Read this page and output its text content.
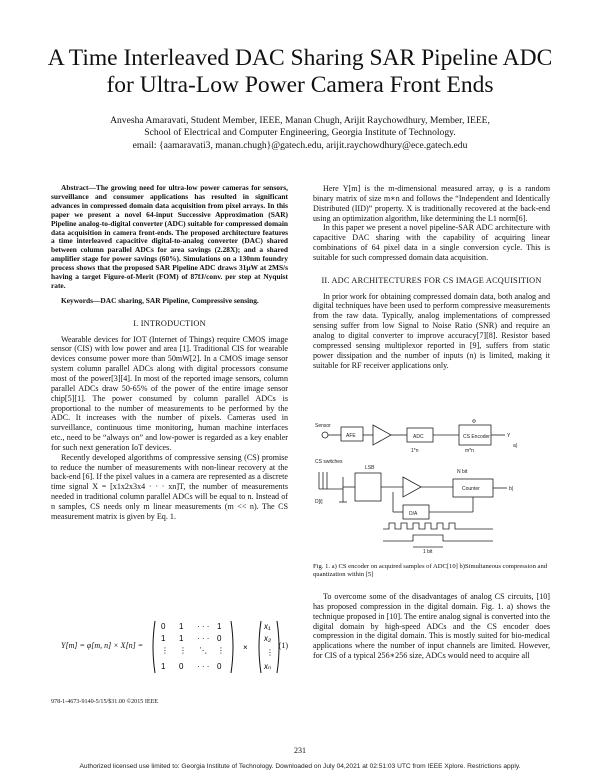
A Time Interleaved DAC Sharing SAR Pipeline ADC for Ultra-Low Power Camera Front Ends
Anvesha Amaravati, Student Member, IEEE, Manan Chugh, Arijit Raychowdhury, Member, IEEE,
School of Electrical and Computer Engineering, Georgia Institute of Technology.
email: {aamaravati3, manan.chugh}@gatech.edu, arijit.raychowdhury@ece.gatech.edu

Abstract—The growing need for ultra-low power cameras for sensors, surveillance and consumer applications has resulted in significant advances in compressed domain data acquisition from pixel arrays. In this paper we present a novel 64-input Successive Approximation (SAR) Pipeline analog-to-digital converter (ADC) suitable for compressed domain data acquisition in camera front-ends. The proposed architecture features a time interleaved capacitive digital-to-analog converter (DAC) shared between column parallel ADCs for area savings (2.28X); and a shared amplifier stage for power savings (60%). Simulations on a 130nm foundry process shows that the proposed SAR Pipeline ADC draws 31µW at 2MS/s having a target Figure-of-Merit (FOM) of 87fJ/conv. per step at Nyquist rate.

Keywords—DAC sharing, SAR Pipeline, Compressive sensing.

I. INTRODUCTION

Wearable devices for IOT (Internet of Things) require CMOS image sensor (CIS) with low power and area [1]. Traditional CIS for wearable devices consume power more than 50mW[2]. In a CMOS image sensor system column parallel ADCs along with digital processors consume most of the power[3][4]. In most of the reported image sensors, column parallel ADCs draw 50-65% of the power of the entire image sensor chip[5][1]. The power consumed by column parallel ADCs is proportional to the number of measurements to be performed by the ADC. It increases with the number of pixels. Cameras used in surveillance, continuous time monitoring, human machine interfaces etc., need to be “always on” and low-power is regarded as a key enabler for such next generation IoT devices.

Recently developed algorithms of compressive sensing (CS) promise to reduce the number of measurements with non-linear recovery at the back-end [6]. If the pixel values in a camera are represented as a discrete time signal X = [x1x2x3x4 · · · xn]T, the number of measurements needed in traditional column parallel ADCs will be equal to n. Instead of n samples, CS needs only m linear measurements (m << n). The CS measurement matrix is given by Eq. 1.

Y[m] = φ[m, n] × X[n] =
0 1 · · · 1
1 1 · · · 0
⋮ ⋮ ⋱ ⋮
1 0 · · · 0
×
x₁
x₂
⋮
xₙ
(1)
978-1-4673-9140-5/15/$31.00 ©2015 IEEE

Here Y[m] is the m-dimensional measured array, φ is a random binary matrix of size m∗n and follows the “Independent and Identically Distributed (IID)” property. X is traditionally recovered at the back-end using an optimization algorithm, like determining the L1 norm[6].

In this paper we present a novel pipeline-SAR ADC architecture with capacitive DAC sharing with the capability of acquiring linear combinations of 64 pixel data in a single conversion cycle. This is suitable for such compressed domain data acquisition.

II. ADC ARCHITECTURES FOR CS IMAGE ACQUISITION

In prior work for obtaining compressed domain data, both analog and digital techniques have been used to perform compressive measurements from the raw data. Typically, analog implementations of compressed sensing suffer from low Signal to Noise Ratio (SNR) and require an analog to digital converter to improve accuracy[7][8]. Resistor based compressed sensing multiplexor reported in [9], suffers from static power dissipation and the number of inputs (n) is limited, making it suitable for RF receiver applications only.

Sensor
AFE	ADC
1*n
Φ
CS Encoder	Y
m*n
a)
CS switches
D[i]
LSB
Counter
N bit
b)
D/A
1 bit
Fig. 1. a) CS encoder on acquired samples of ADC[10] b)Simultaneous compression and quantization within [5]

To overcome some of the disadvantages of analog CS circuits, [10] has proposed compression in the digital domain. Fig. 1. a) shows the technique proposed in [10]. The entire analog signal is converted into the digital domain by high-speed ADCs and the CS encoder does compression in the digital domain. This is mostly suited for bio-medical applications where the number of input channels are limited. However, for CIS of a typical 256∗256 size, ADCs would need to acquire all

231
Authorized licensed use limited to: Georgia Institute of Technology. Downloaded on July 04,2021 at 02:51:03 UTC from IEEE Xplore. Restrictions apply.
